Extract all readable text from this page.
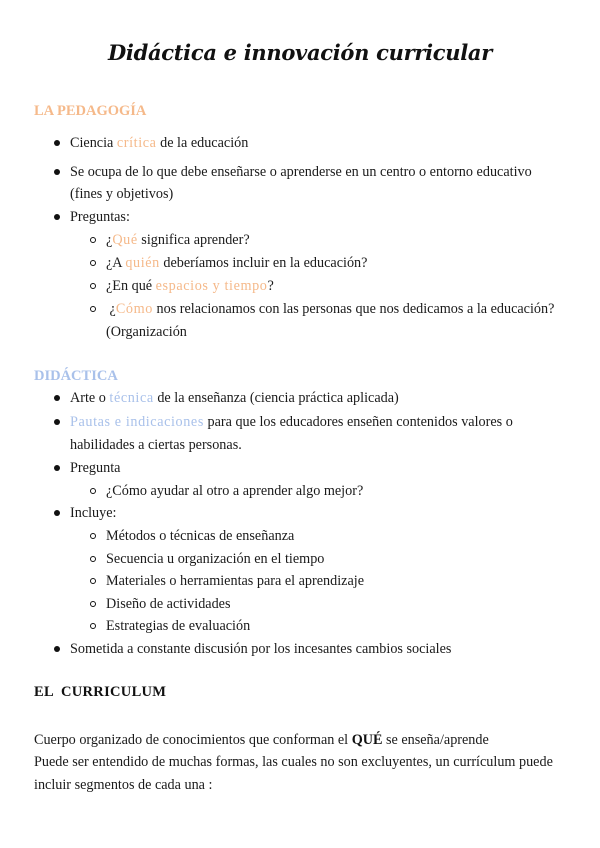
Didáctica e innovación curricular
LA PEDAGOGÍA
Ciencia crítica de la educación
Se ocupa de lo que debe enseñarse o aprenderse en un centro o entorno educativo
(fines y objetivos)
Preguntas:
¿Qué significa aprender?
¿A quién deberíamos incluir en la educación?
¿En qué espacios y tiempo?
¿Cómo nos relacionamos con las personas que nos dedicamos a la educación?
(Organización
DIDÁCTICA
Arte o técnica de la enseñanza (ciencia práctica aplicada)
Pautas e indicaciones para que los educadores enseñen contenidos valores o
habilidades a ciertas personas.
Pregunta
¿Cómo ayudar al otro a aprender algo mejor?
Incluye:
Métodos o técnicas de enseñanza
Secuencia u organización en el tiempo
Materiales o herramientas para el aprendizaje
Diseño de actividades
Estrategias de evaluación
Sometida a constante discusión por los incesantes cambios sociales
EL  CURRICULUM
Cuerpo organizado de conocimientos que conforman el QUÉ se enseña/aprende
Puede ser entendido de muchas formas, las cuales no son excluyentes, un currículum puede
incluir segmentos de cada una :
